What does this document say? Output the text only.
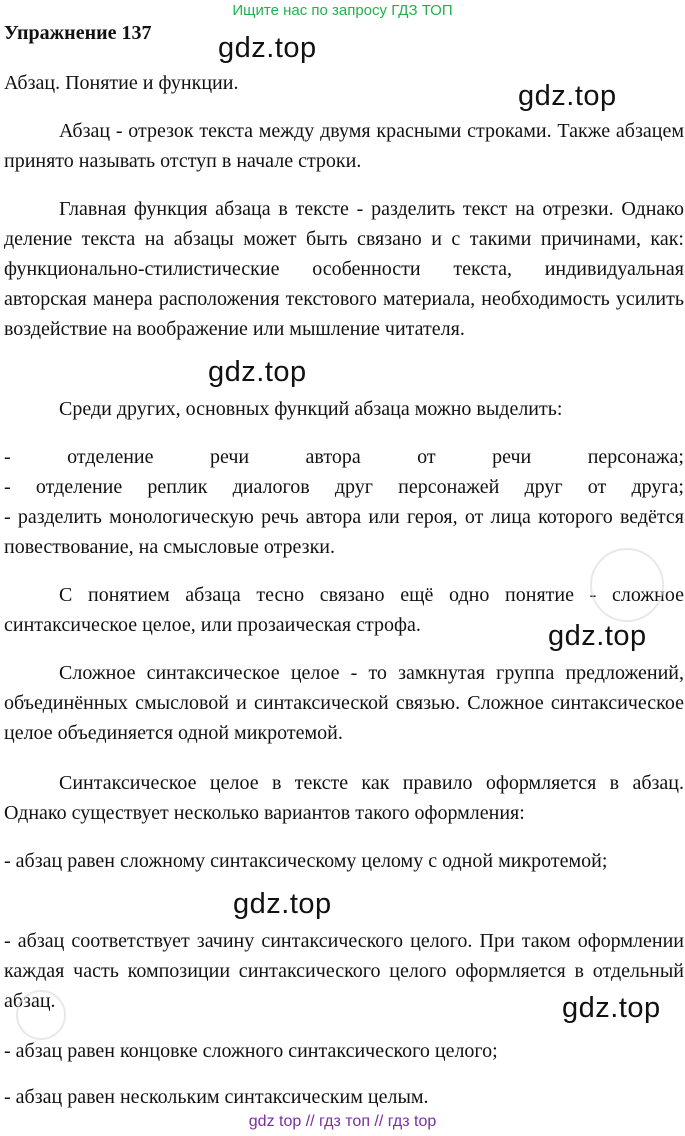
Ищите нас по запросу ГДЗ ТОП
Упражнение 137
Абзац. Понятие и функции.

Абзац - отрезок текста между двумя красными строками. Также абзацем принято называть отступ в начале строки.

Главная функция абзаца в тексте - разделить текст на отрезки. Однако деление текста на абзацы может быть связано и с такими причинами, как: функционально-стилистические особенности текста, индивидуальная авторская манера расположения текстового материала, необходимость усилить воздействие на воображение или мышление читателя.

Среди других, основных функций абзаца можно выделить:

- отделение речи автора от речи персонажа;

- отделение реплик диалогов друг персонажей друг от друга;

- разделить монологическую речь автора или героя, от лица которого ведётся повествование, на смысловые отрезки.

С понятием абзаца тесно связано ещё одно понятие - сложное синтаксическое целое, или прозаическая строфа.

Сложное синтаксическое целое - то замкнутая группа предложений, объединённых смысловой и синтаксической связью. Сложное синтаксическое целое объединяется одной микротемой.

Синтаксическое целое в тексте как правило оформляется в абзац. Однако существует несколько вариантов такого оформления:

- абзац равен сложному синтаксическому целому с одной микротемой;

- абзац соответствует зачину синтаксического целого. При таком оформлении каждая часть композиции синтаксического целого оформляется в отдельный абзац.

- абзац равен концовке сложного синтаксического целого;

- абзац равен нескольким синтаксическим целым.

gdz.top
gdz.top
gdz.top
gdz.top
gdz.top
gdz.top
gdz top // гдз топ // гдз top
